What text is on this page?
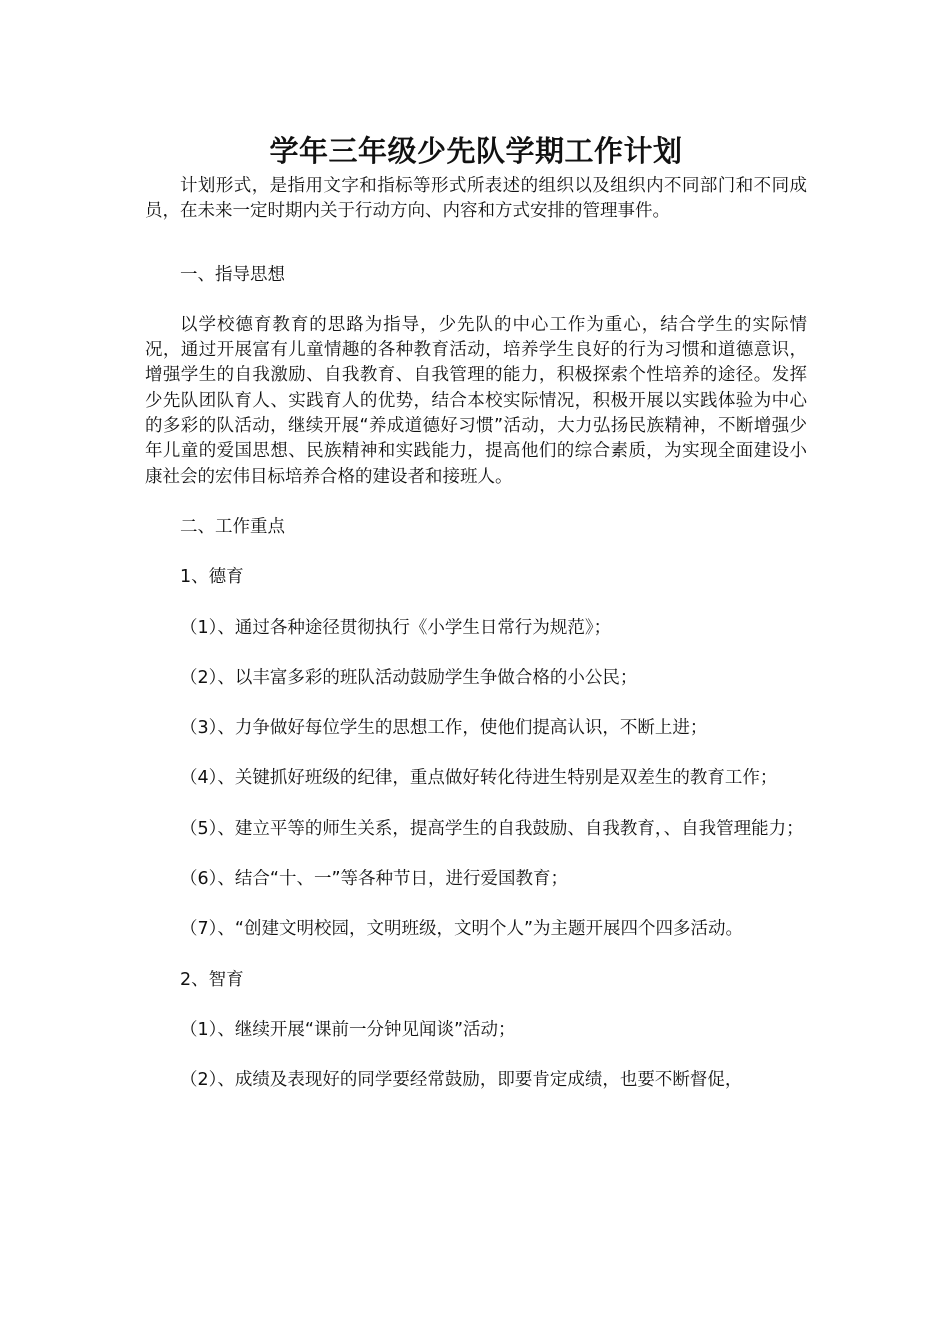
学年三年级少先队学期工作计划

计划形式，是指用文字和指标等形式所表述的组织以及组织内不同部门和不同成员，在未来一定时期内关于行动方向、内容和方式安排的管理事件。

一、指导思想

以学校德育教育的思路为指导，少先队的中心工作为重心，结合学生的实际情况，通过开展富有儿童情趣的各种教育活动，培养学生良好的行为习惯和道德意识，增强学生的自我激励、自我教育、自我管理的能力，积极探索个性培养的途径。发挥少先队团队育人、实践育人的优势，结合本校实际情况，积极开展以实践体验为中心的多彩的队活动，继续开展“养成道德好习惯”活动，大力弘扬民族精神，不断增强少年儿童的爱国思想、民族精神和实践能力，提高他们的综合素质，为实现全面建设小康社会的宏伟目标培养合格的建设者和接班人。

二、工作重点

1、德育

（1）、通过各种途径贯彻执行《小学生日常行为规范》；

（2）、以丰富多彩的班队活动鼓励学生争做合格的小公民；

（3）、力争做好每位学生的思想工作，使他们提高认识，不断上进；

（4）、关键抓好班级的纪律，重点做好转化待进生特别是双差生的教育工作；

（5）、建立平等的师生关系，提高学生的自我鼓励、自我教育，、自我管理能力；

（6）、结合“十、一”等各种节日，进行爱国教育；

（7）、“创建文明校园，文明班级，文明个人”为主题开展四个四多活动。

2、智育

（1）、继续开展“课前一分钟见闻谈”活动；

（2）、成绩及表现好的同学要经常鼓励，即要肯定成绩，也要不断督促，
